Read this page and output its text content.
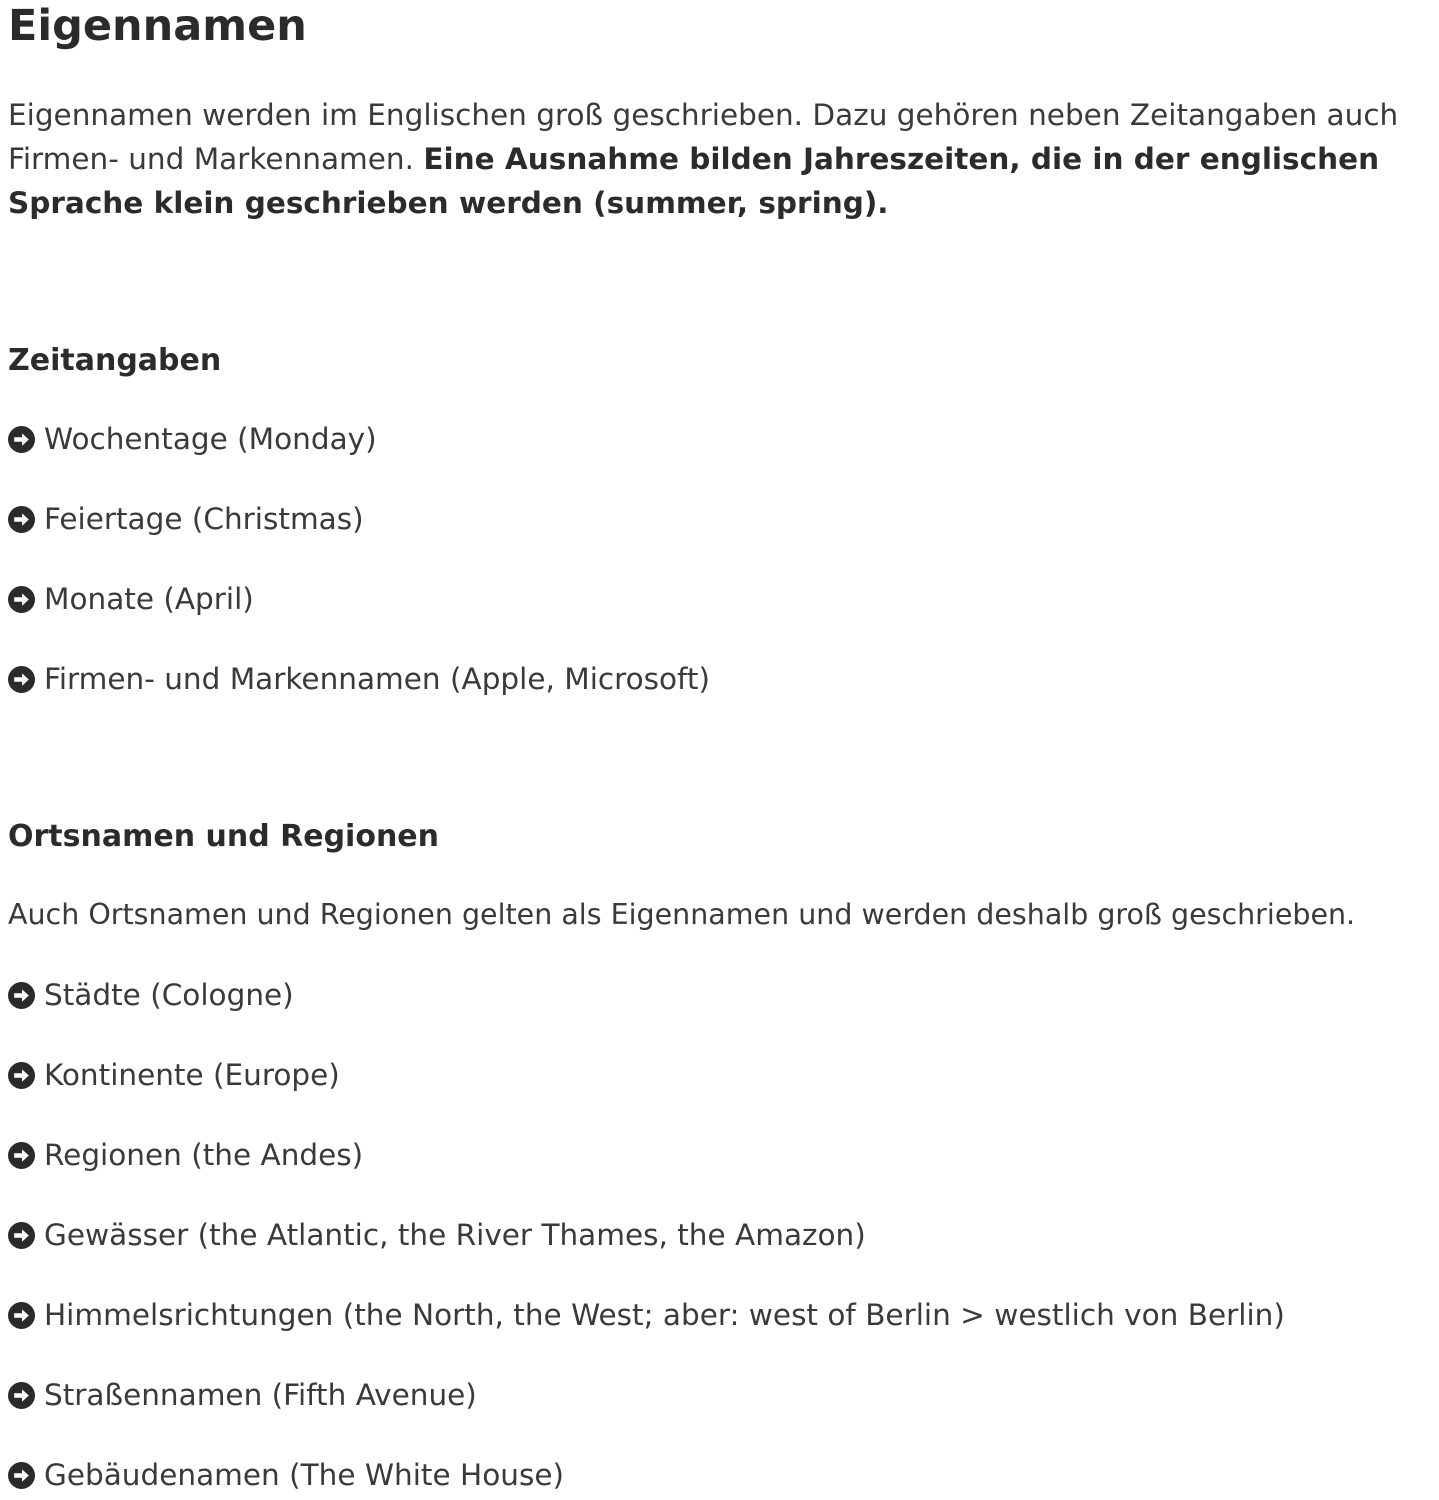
Eigennamen

Eigennamen werden im Englischen groß geschrieben. Dazu gehören neben Zeitangaben auch Firmen- und Markennamen. Eine Ausnahme bilden Jahreszeiten, die in der englischen Sprache klein geschrieben werden (summer, spring).

Zeitangaben
Wochentage (Monday)
Feiertage (Christmas)
Monate (April)
Firmen- und Markennamen (Apple, Microsoft)
Ortsnamen und Regionen

Auch Ortsnamen und Regionen gelten als Eigennamen und werden deshalb groß geschrieben.

Städte (Cologne)
Kontinente (Europe)
Regionen (the Andes)
Gewässer (the Atlantic, the River Thames, the Amazon)
Himmelsrichtungen (the North, the West; aber: west of Berlin > westlich von Berlin)
Straßennamen (Fifth Avenue)
Gebäudenamen (The White House)
